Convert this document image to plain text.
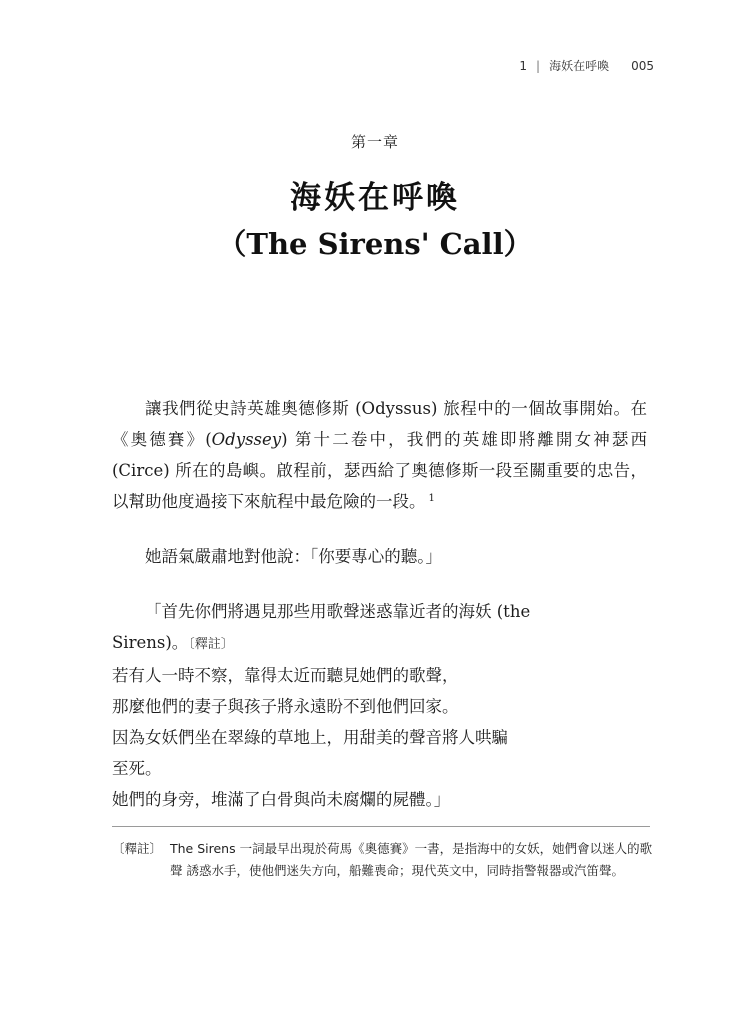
1 | 海妖在呼喚 005
第一章
海妖在呼喚
（The Sirens' Call）

讓我們從史詩英雄奧德修斯 (Odyssus) 旅程中的一個故事開始。在《奧德賽》(Odyssey) 第十二卷中，我們的英雄即將離開女神瑟西 (Circe) 所在的島嶼。啟程前，瑟西給了奧德修斯一段至關重要的忠告，以幫助他度過接下來航程中最危險的一段。 $^1$

她語氣嚴肅地對他說：「你要專心的聽。」

「首先你們將遇見那些用歌聲迷惑靠近者的海妖 (the
Sirens)。〔釋註〕
若有人一時不察，靠得太近而聽見她們的歌聲，
那麼他們的妻子與孩子將永遠盼不到他們回家。
因為女妖們坐在翠綠的草地上，用甜美的聲音將人哄騙
至死。
她們的身旁，堆滿了白骨與尚未腐爛的屍體。」
〔釋註〕 The Sirens 一詞最早出現於荷馬《奧德賽》一書，是指海中的女妖，她們會以迷人的歌聲 誘惑水手，使他們迷失方向，船難喪命；現代英文中，同時指警報器或汽笛聲。
